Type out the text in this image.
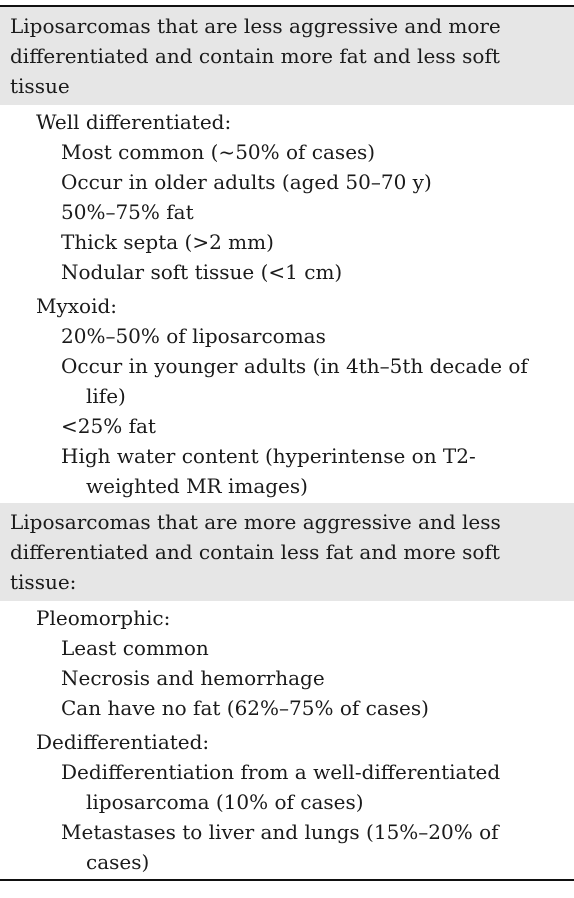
Liposarcomas that are less aggressive and more differentiated and contain more fat and less soft tissue
Well differentiated:
Most common (~50% of cases)
Occur in older adults (aged 50–70 y)
50%–75% fat
Thick septa (>2 mm)
Nodular soft tissue (<1 cm)
Myxoid:
20%–50% of liposarcomas
Occur in younger adults (in 4th–5th decade of life)
<25% fat
High water content (hyperintense on T2-weighted MR images)
Liposarcomas that are more aggressive and less differentiated and contain less fat and more soft tissue:
Pleomorphic:
Least common
Necrosis and hemorrhage
Can have no fat (62%–75% of cases)
Dedifferentiated:
Dedifferentiation from a well-differentiated liposarcoma (10% of cases)
Metastases to liver and lungs (15%–20% of cases)
